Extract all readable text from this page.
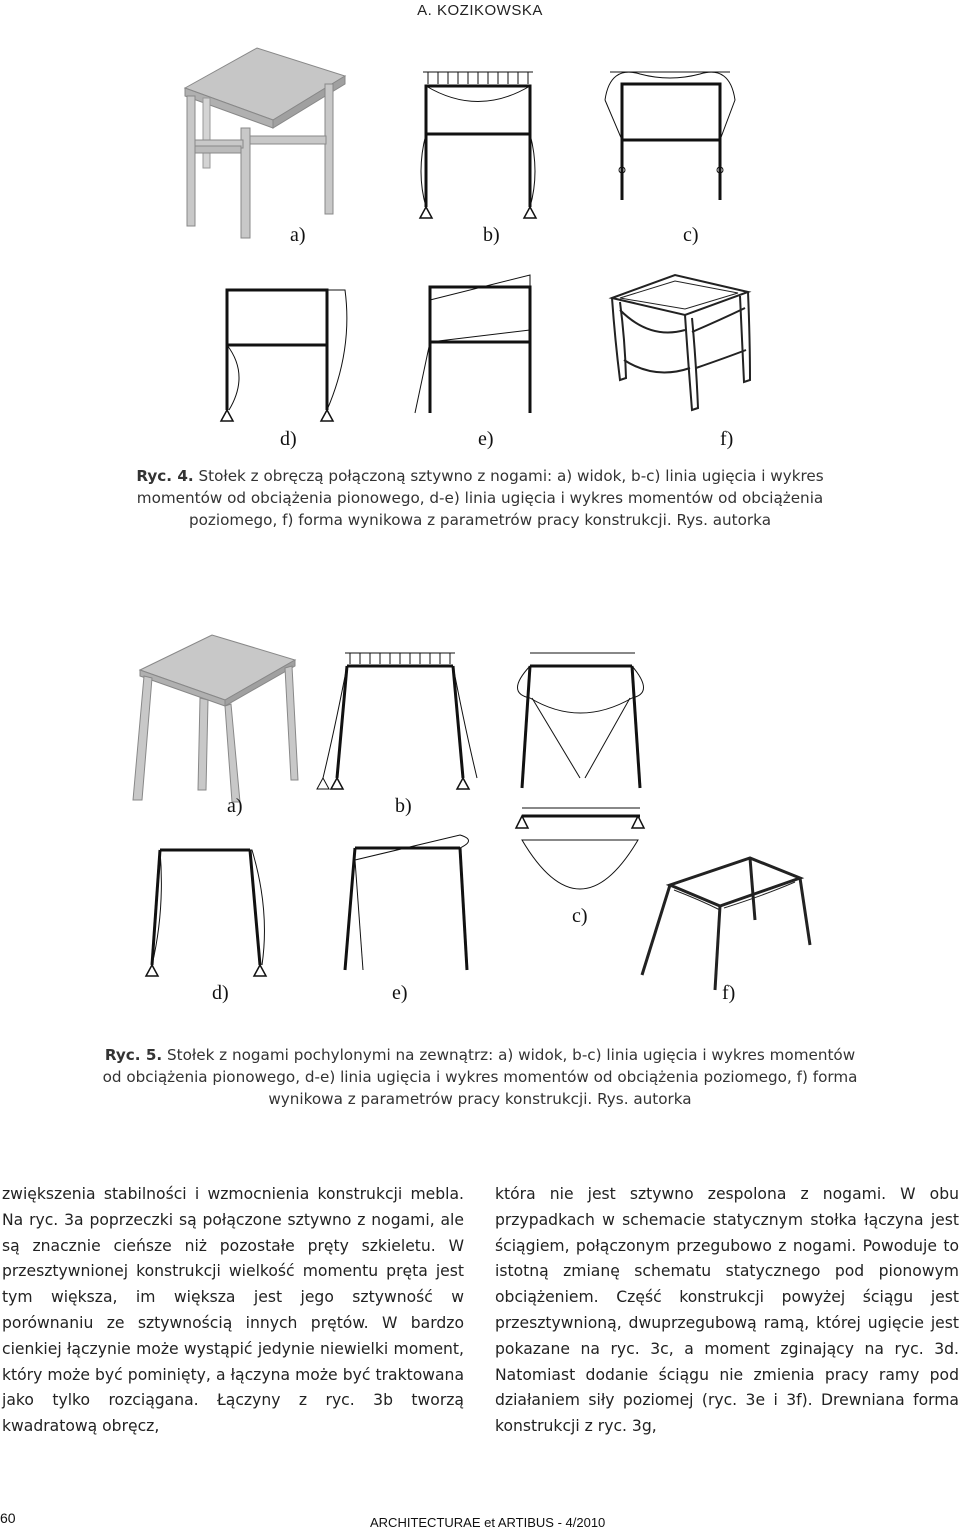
A. KOZIKOWSKA
a)	b)	c)
d)	e)	f)
Ryc. 4. Stołek z obręczą połączoną sztywno z nogami: a) widok, b-c) linia ugięcia i wykres momentów od obciążenia pionowego, d-e) linia ugięcia i wykres momentów od obciążenia poziomego, f) forma wynikowa z parametrów pracy konstrukcji. Rys. autorka
a)	b)
c)
d)	e)	f)
Ryc. 5. Stołek z nogami pochylonymi na zewnątrz: a) widok, b-c) linia ugięcia i wykres momentów od obciążenia pionowego, d-e) linia ugięcia i wykres momentów od obciążenia poziomego, f) forma wynikowa z parametrów pracy konstrukcji. Rys. autorka
zwiększenia stabilności i wzmocnienia konstrukcji mebla. Na ryc. 3a poprzeczki są połączone sztywno z nogami, ale są znacznie cieńsze niż pozostałe pręty szkieletu. W przesztywnionej konstrukcji wielkość momentu pręta jest tym większa, im większa jest jego sztywność w porównaniu ze sztywnością innych prętów. W bardzo cienkiej łączynie może wystąpić jedynie niewielki moment, który może być pominięty, a łączyna może być traktowana jako tylko rozciągana. Łączyny z ryc. 3b tworzą kwadratową obręcz,
która nie jest sztywno zespolona z nogami. W obu przypadkach w schemacie statycznym stołka łączyna jest ściągiem, połączonym przegubowo z nogami. Powoduje to istotną zmianę schematu statycznego pod pionowym obciążeniem. Część konstrukcji powyżej ściągu jest przesztywnioną, dwuprzegubową ramą, której ugięcie jest pokazane na ryc. 3c, a moment zginający na ryc. 3d. Natomiast dodanie ściągu nie zmienia pracy ramy pod działaniem siły poziomej (ryc. 3e i 3f). Drewniana forma konstrukcji z ryc. 3g,
60	ARCHITECTURAE et ARTIBUS - 4/2010
